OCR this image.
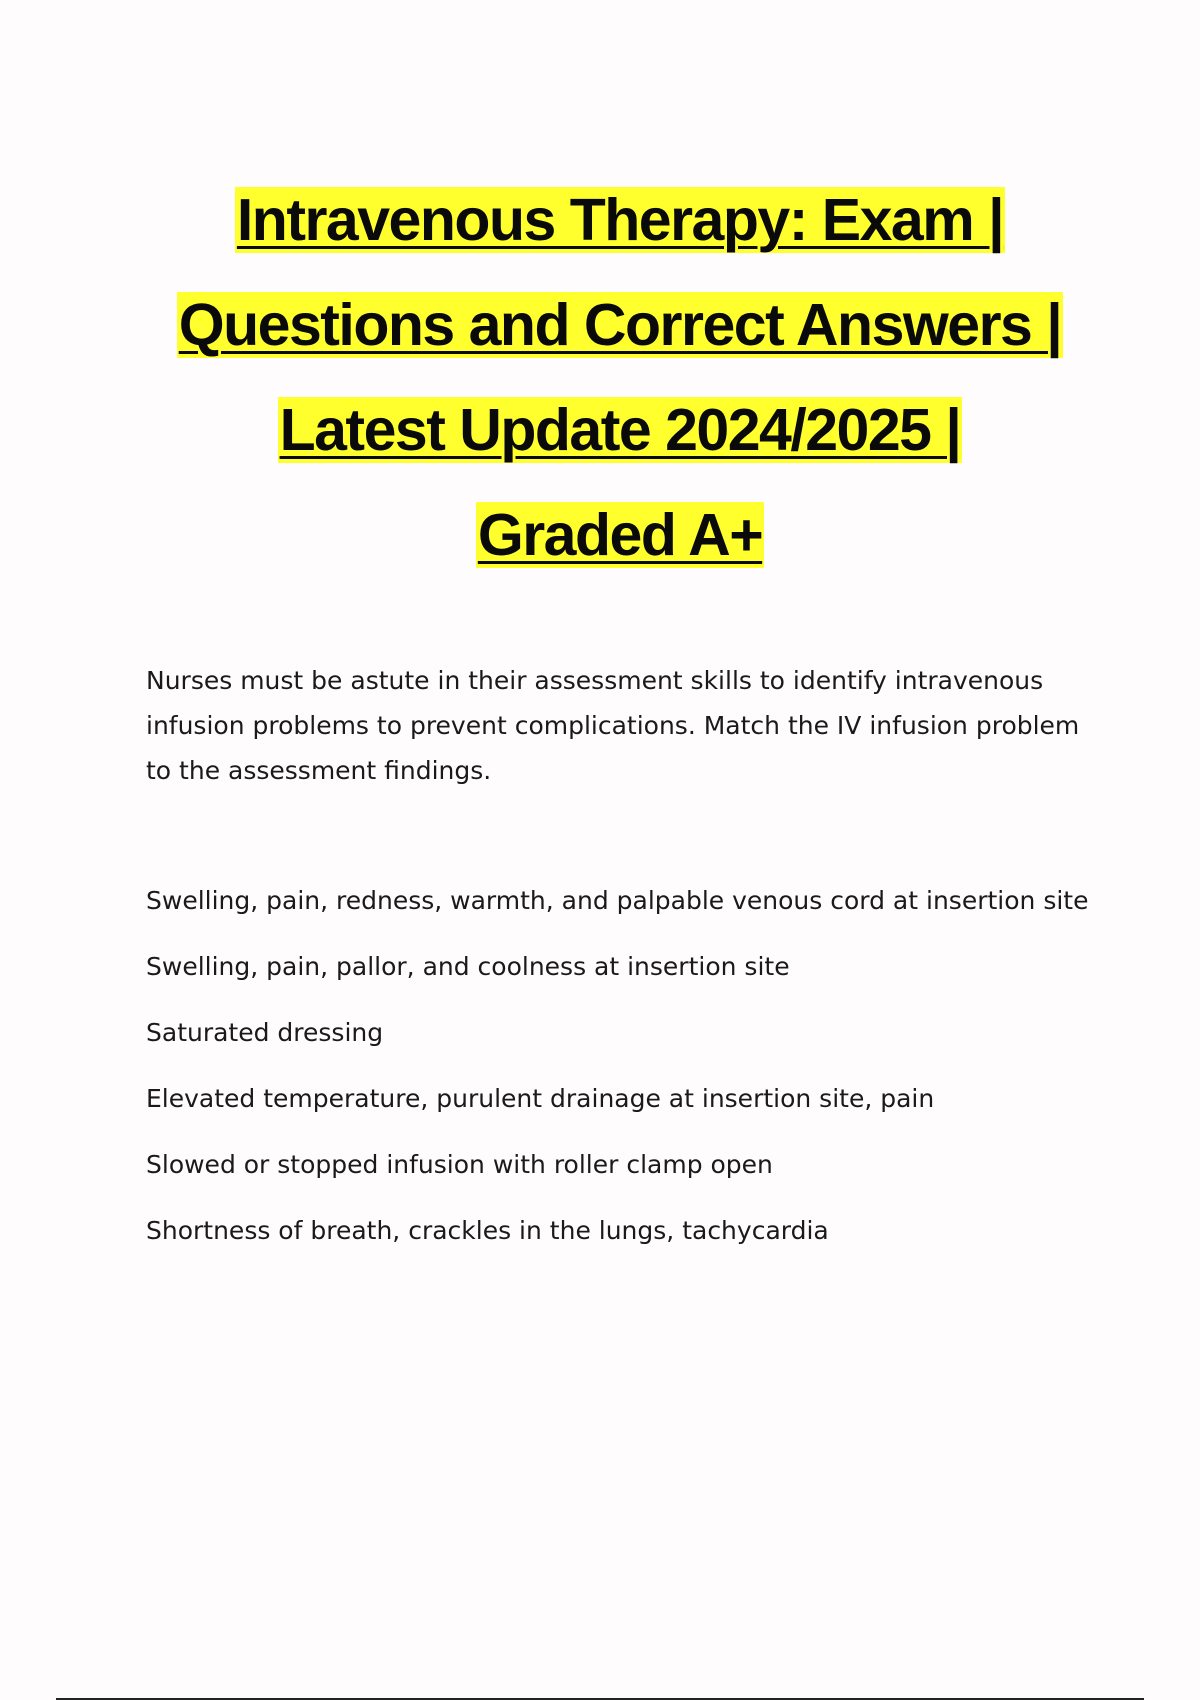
Intravenous Therapy: Exam |
Questions and Correct Answers |
Latest Update 2024/2025 |
Graded A+

Nurses must be astute in their assessment skills to identify intravenous infusion problems to prevent complications. Match the IV infusion problem to the assessment findings.

Swelling, pain, redness, warmth, and palpable venous cord at insertion site
Swelling, pain, pallor, and coolness at insertion site
Saturated dressing
Elevated temperature, purulent drainage at insertion site, pain
Slowed or stopped infusion with roller clamp open
Shortness of breath, crackles in the lungs, tachycardia
